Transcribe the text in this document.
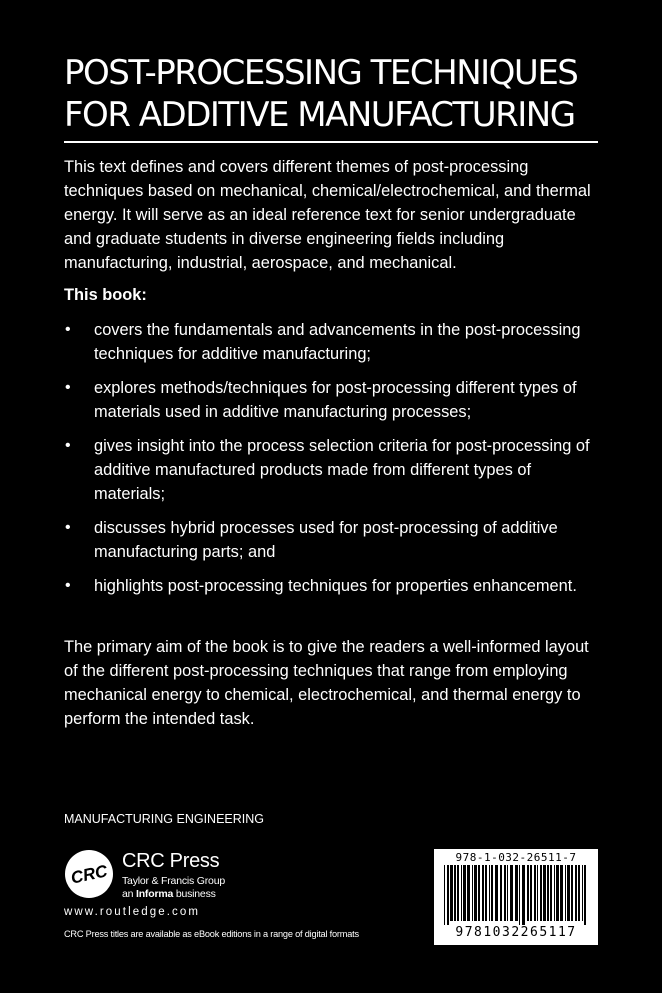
POST-PROCESSING TECHNIQUES
FOR ADDITIVE MANUFACTURING

This text defines and covers different themes of post-processing techniques based on mechanical, chemical/electrochemical, and thermal energy. It will serve as an ideal reference text for senior undergraduate and graduate students in diverse engineering fields including manufacturing, industrial, aerospace, and mechanical.

This book:

• covers the fundamentals and advancements in the post-processing techniques for additive manufacturing;
• explores methods/techniques for post-processing different types of materials used in additive manufacturing processes;
• gives insight into the process selection criteria for post-processing of additive manufactured products made from different types of materials;
• discusses hybrid processes used for post-processing of additive manufacturing parts; and
• highlights post-processing techniques for properties enhancement.

The primary aim of the book is to give the readers a well-informed layout of the different post-processing techniques that range from employing mechanical energy to chemical, electrochemical, and thermal energy to perform the intended task.

MANUFACTURING ENGINEERING

CRC
CRC Press
Taylor & Francis Group
an Informa business
www.routledge.com
CRC Press titles are available as eBook editions in a range of digital formats
978-1-032-26511-7
9781032265117
